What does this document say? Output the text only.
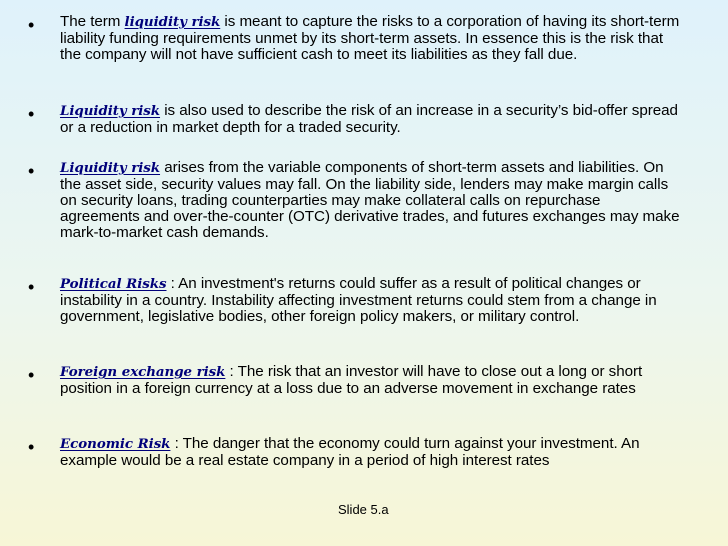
• The term liquidity risk is meant to capture the risks to a corporation of having its short-term liability funding requirements unmet by its short-term assets. In essence this is the risk that the company will not have sufficient cash to meet its liabilities as they fall due.
• Liquidity risk is also used to describe the risk of an increase in a security’s bid-offer spread or a reduction in market depth for a traded security.
• Liquidity risk arises from the variable components of short-term assets and liabilities. On the asset side, security values may fall. On the liability side, lenders may make margin calls on security loans, trading counterparties may make collateral calls on repurchase agreements and over-the-counter (OTC) derivative trades, and futures exchanges may make mark-to-market cash demands.
• Political Risks : An investment's returns could suffer as a result of political changes or instability in a country. Instability affecting investment returns could stem from a change in government, legislative bodies, other foreign policy makers, or military control.
• Foreign exchange risk : The risk that an investor will have to close out a long or short position in a foreign currency at a loss due to an adverse movement in exchange rates
• Economic Risk : The danger that the economy could turn against your investment. An example would be a real estate company in a period of high interest rates
Slide 5.a
